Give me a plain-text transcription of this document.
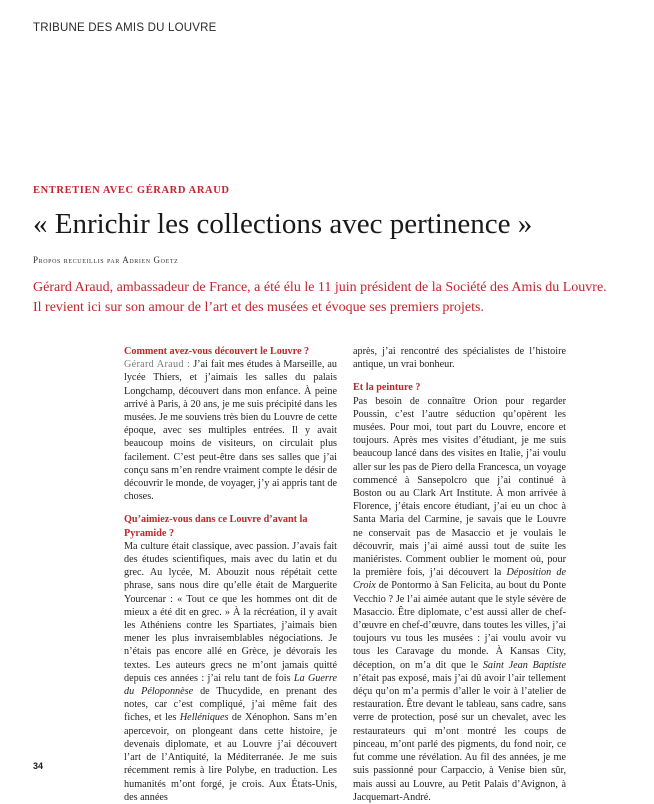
TRIBUNE DES AMIS DU LOUVRE
ENTRETIEN AVEC GÉRARD ARAUD
« Enrichir les collections avec pertinence »
Propos recueillis par Adrien Goetz
Gérard Araud, ambassadeur de France, a été élu le 11 juin président de la Société des Amis du Louvre. Il revient ici sur son amour de l’art et des musées et évoque ses premiers projets.

Comment avez-vous découvert le Louvre ?

Gérard Araud : J’ai fait mes études à Marseille, au lycée Thiers, et j’aimais les salles du palais Longchamp, découvert dans mon enfance. À peine arrivé à Paris, à 20 ans, je me suis précipité dans les musées. Je me souviens très bien du Louvre de cette époque, avec ses multiples entrées. Il y avait beaucoup moins de visiteurs, on circulait plus facilement. C’est peut-être dans ses salles que j’ai conçu sans m’en rendre vraiment compte le désir de découvrir le monde, de voyager, j’y ai appris tant de choses.

Qu’aimiez-vous dans ce Louvre d’avant la Pyramide ?

Ma culture était classique, avec passion. J’avais fait des études scientifiques, mais avec du latin et du grec. Au lycée, M. Abouzit nous répétait cette phrase, sans nous dire qu’elle était de Marguerite Yourcenar : « Tout ce que les hommes ont dit de mieux a été dit en grec. » À la récréation, il y avait les Athéniens contre les Spartiates, j’aimais bien mener les plus invraisemblables négociations. Je n’étais pas encore allé en Grèce, je dévorais les textes. Les auteurs grecs ne m’ont jamais quitté depuis ces années : j’ai relu tant de fois La Guerre du Péloponnèse de Thucydide, en prenant des notes, car c’est compliqué, j’ai même fait des fiches, et les Helléniques de Xénophon. Sans m’en apercevoir, on plongeant dans cette histoire, je devenais diplomate, et au Louvre j’ai découvert l’art de l’Antiquité, la Méditerranée. Je me suis récemment remis à lire Polybe, en traduction. Les humanités m’ont forgé, je crois. Aux États-Unis, des années

après, j’ai rencontré des spécialistes de l’histoire antique, un vrai bonheur.

Et la peinture ?

Pas besoin de connaître Orion pour regarder Poussin, c’est l’autre séduction qu’opèrent les musées. Pour moi, tout part du Louvre, encore et toujours. Après mes visites d’étudiant, je me suis beaucoup lancé dans des visites en Italie, j’ai voulu aller sur les pas de Piero della Francesca, un voyage commencé à Sansepolcro que j’ai continué à Boston ou au Clark Art Institute. À mon arrivée à Florence, j’étais encore étudiant, j’ai eu un choc à Santa Maria del Carmine, je savais que le Louvre ne conservait pas de Masaccio et je voulais le découvrir, mais j’ai aimé aussi tout de suite les maniéristes. Comment oublier le moment où, pour la première fois, j’ai découvert la Déposition de Croix de Pontormo à San Felicita, au bout du Ponte Vecchio ? Je l’ai aimée autant que le style sévère de Masaccio. Être diplomate, c’est aussi aller de chef-d’œuvre en chef-d’œuvre, dans toutes les villes, j’ai toujours vu tous les musées : j’ai voulu avoir vu tous les Caravage du monde. À Kansas City, déception, on m’a dit que le Saint Jean Baptiste n’était pas exposé, mais j’ai dû avoir l’air tellement déçu qu’on m’a permis d’aller le voir à l’atelier de restauration. Être devant le tableau, sans cadre, sans verre de protection, posé sur un chevalet, avec les restaurateurs qui m’ont montré les coups de pinceau, m’ont parlé des pigments, du fond noir, ce fut comme une révélation. Au fil des années, je me suis passionné pour Carpaccio, à Venise bien sûr, mais aussi au Louvre, au Petit Palais d’Avignon, à Jacquemart-André.

34
